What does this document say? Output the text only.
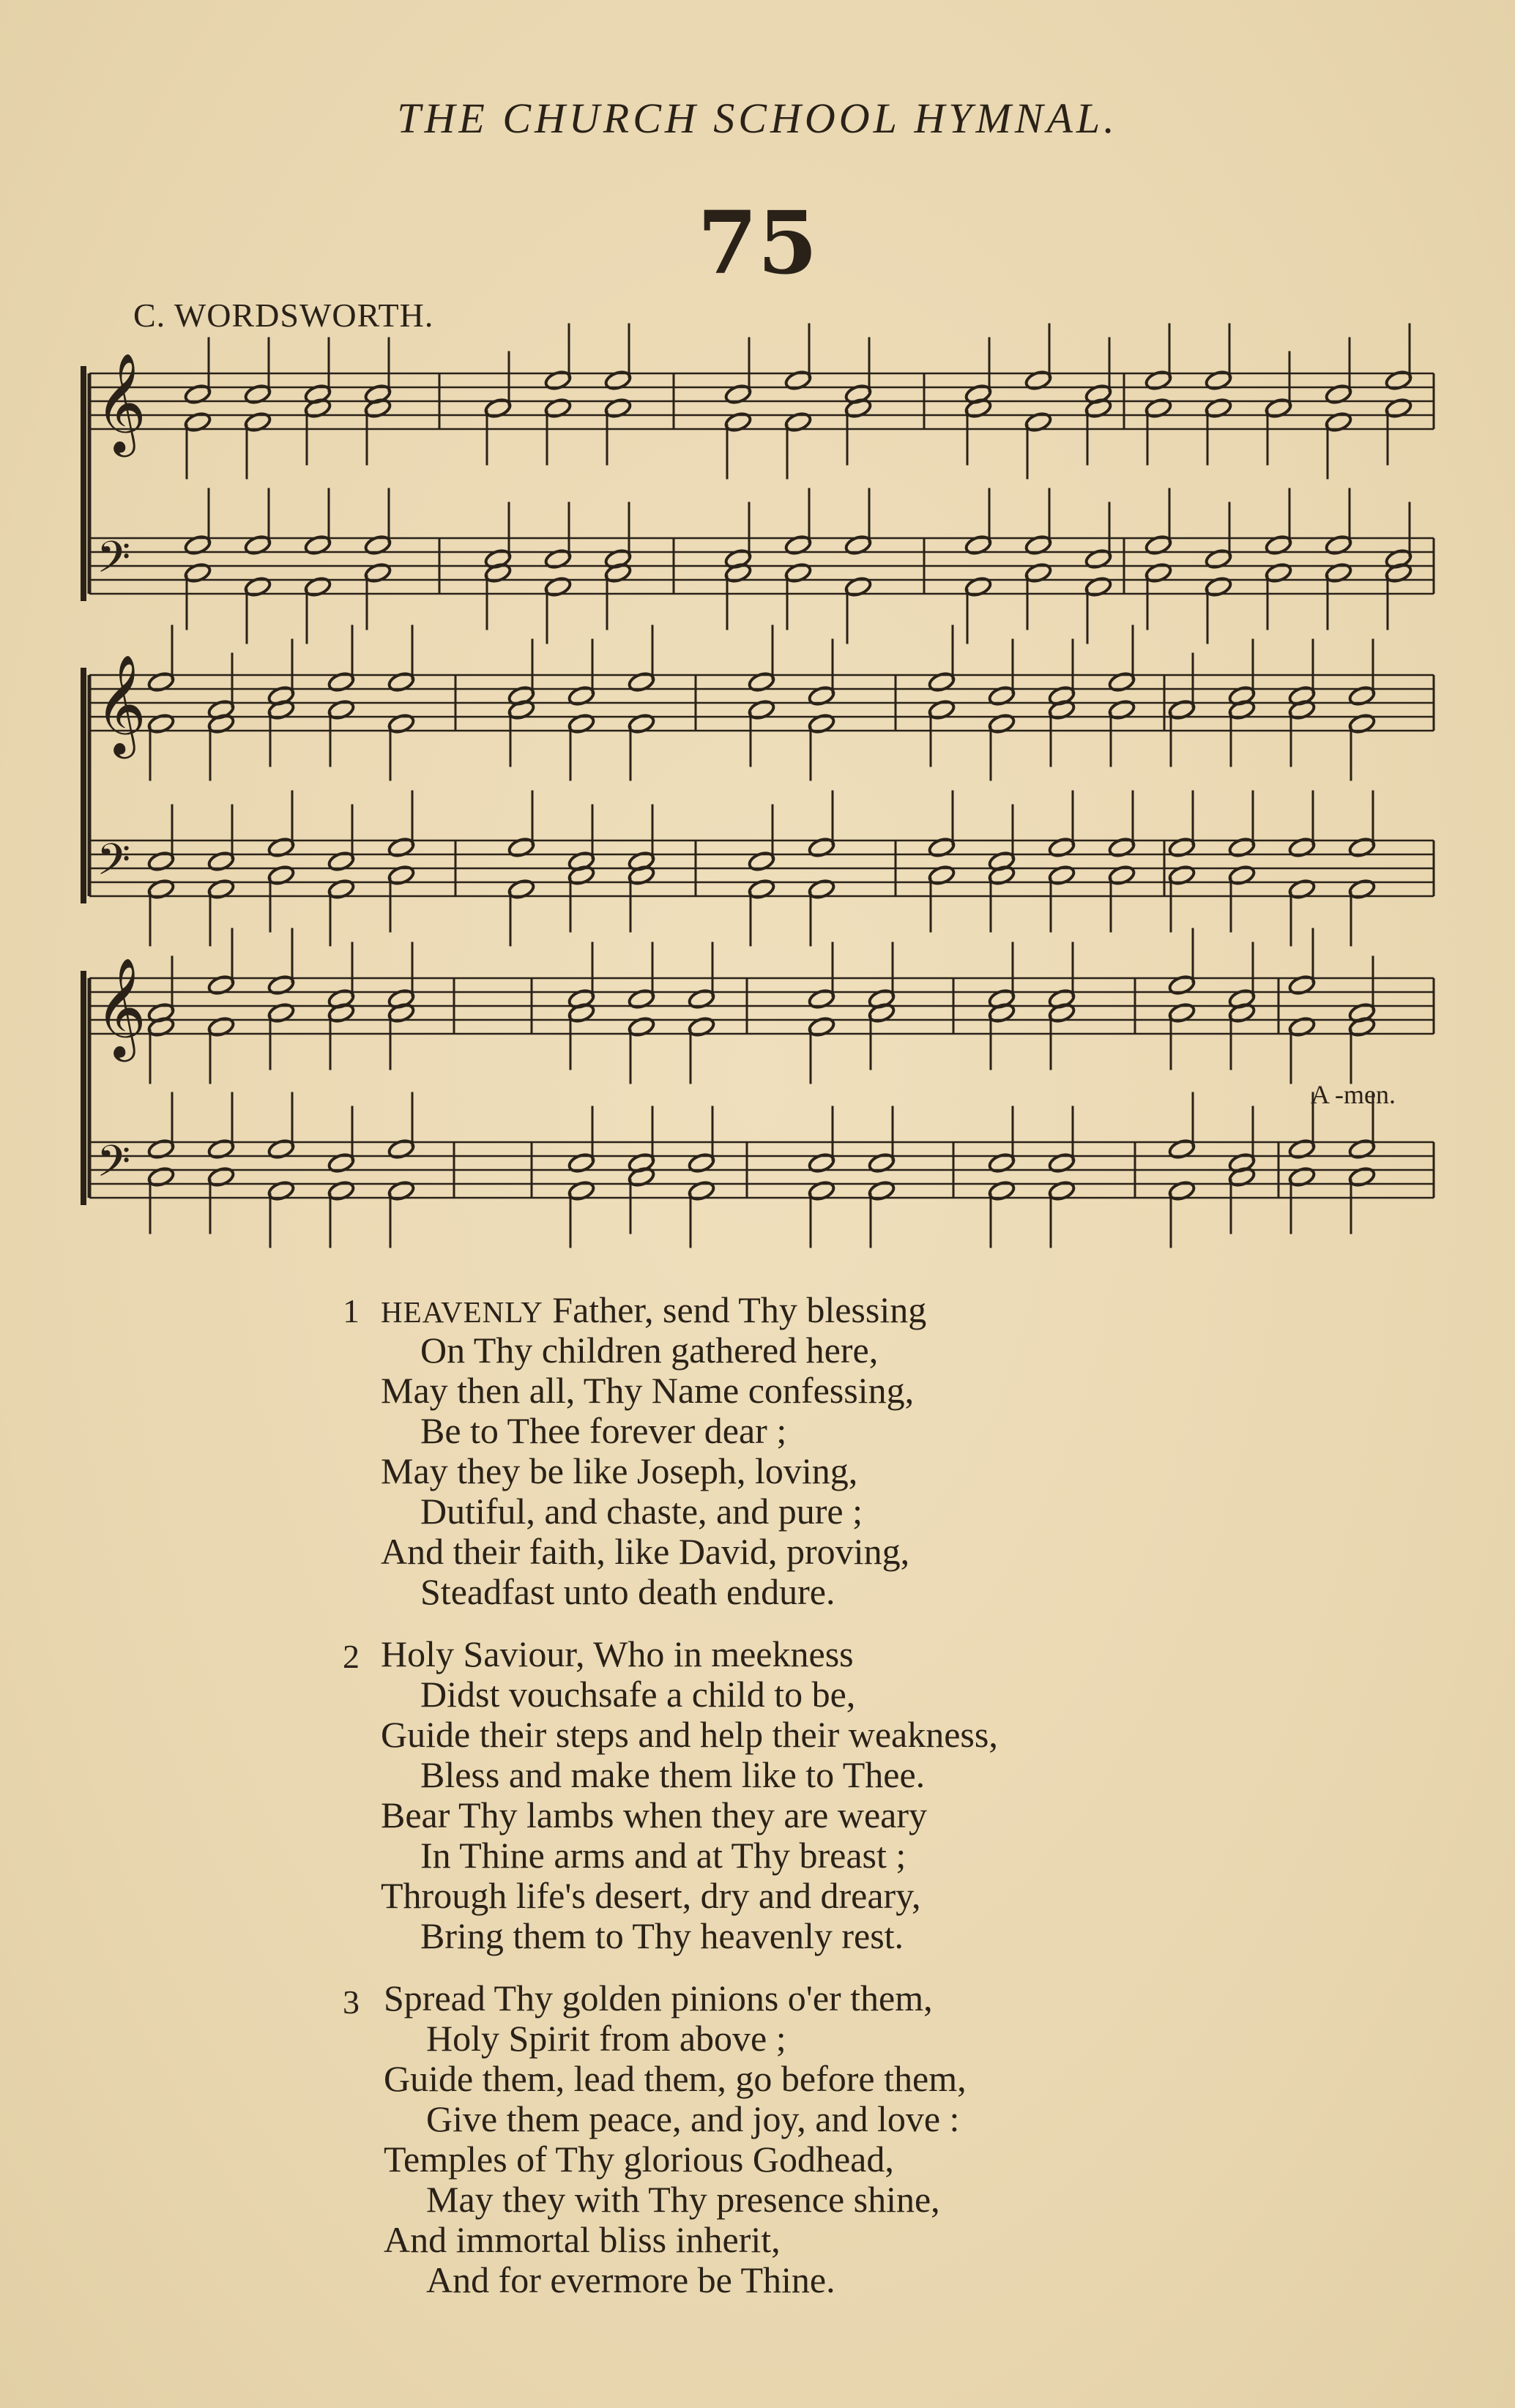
THE CHURCH SCHOOL HYMNAL.
75
C. WORDSWORTH.
𝄞
𝄢
𝄞
𝄢
𝄞
𝄢
A -men.
1 HEAVENLY Father, send Thy blessing
On Thy children gathered here,
May then all, Thy Name confessing,
Be to Thee forever dear ;
May they be like Joseph, loving,
Dutiful, and chaste, and pure ;
And their faith, like David, proving,
Steadfast unto death endure.
2 Holy Saviour, Who in meekness
Didst vouchsafe a child to be,
Guide their steps and help their weakness,
Bless and make them like to Thee.
Bear Thy lambs when they are weary
In Thine arms and at Thy breast ;
Through life's desert, dry and dreary,
Bring them to Thy heavenly rest.
3 Spread Thy golden pinions o'er them,
Holy Spirit from above ;
Guide them, lead them, go before them,
Give them peace, and joy, and love :
Temples of Thy glorious Godhead,
May they with Thy presence shine,
And immortal bliss inherit,
And for evermore be Thine.
